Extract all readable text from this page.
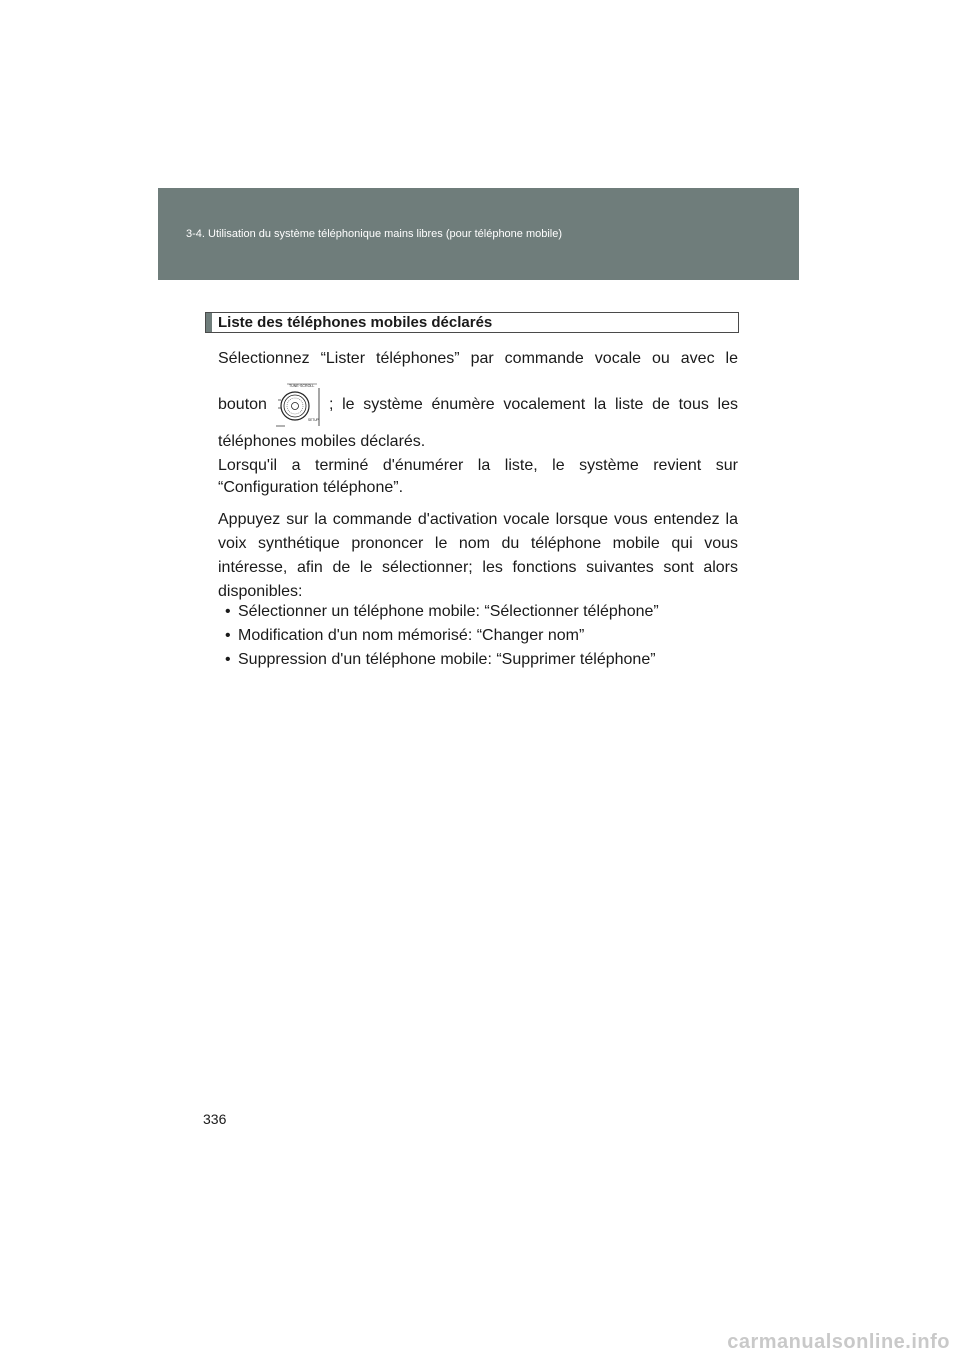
3-4. Utilisation du système téléphonique mains libres (pour téléphone mobile)
Liste des téléphones mobiles déclarés
Sélectionnez “Lister téléphones” par commande vocale ou avec le
bouton
TUNE·SCROLL
SETUP
; le système énumère vocalement la liste de tous les
téléphones mobiles déclarés.
Lorsqu'il a terminé d'énumérer la liste, le système revient sur
“Configuration téléphone”.
Appuyez sur la commande d'activation vocale lorsque vous entendez la voix synthétique prononcer le nom du téléphone mobile qui vous intéresse, afin de le sélectionner; les fonctions suivantes sont alors disponibles:
• Sélectionner un téléphone mobile: “Sélectionner téléphone”
• Modification d'un nom mémorisé: “Changer nom”
• Suppression d'un téléphone mobile: “Supprimer téléphone”
336
carmanualsonline.info
